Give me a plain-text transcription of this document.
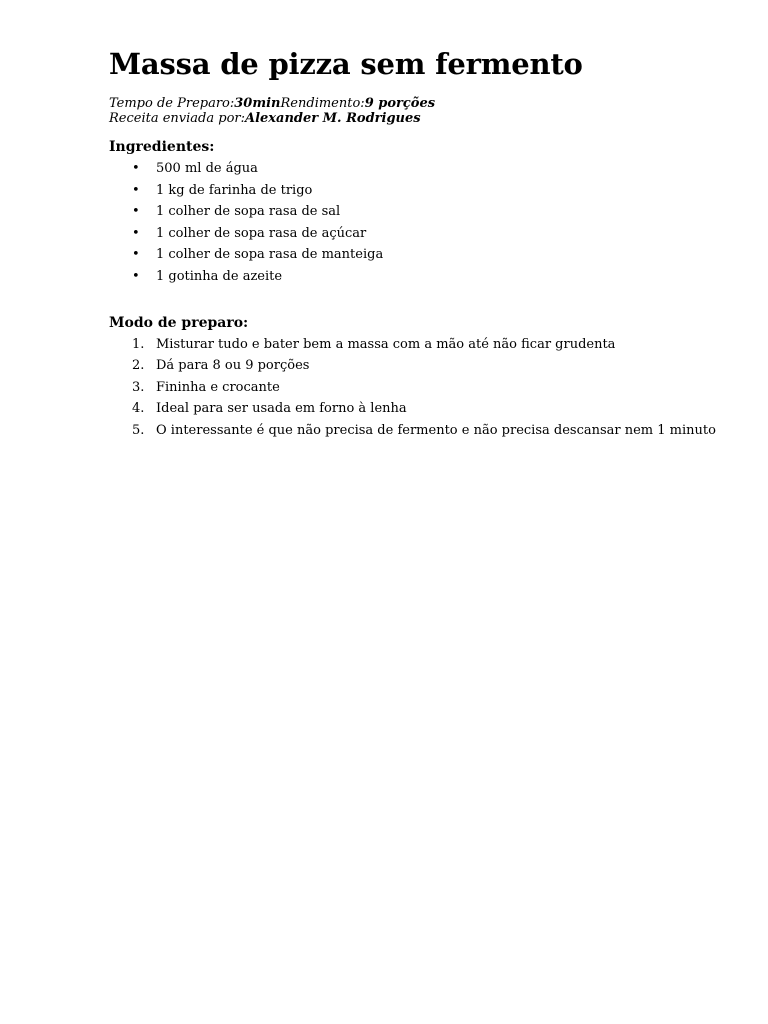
Massa de pizza sem fermento
Tempo de Preparo:30minRendimento:9 porções
Receita enviada por:Alexander M. Rodrigues
Ingredientes:
• 500 ml de água
• 1 kg de farinha de trigo
• 1 colher de sopa rasa de sal
• 1 colher de sopa rasa de açúcar
• 1 colher de sopa rasa de manteiga
• 1 gotinha de azeite
Modo de preparo:
1. Misturar tudo e bater bem a massa com a mão até não ficar grudenta
2. Dá para 8 ou 9 porções
3. Fininha e crocante
4. Ideal para ser usada em forno à lenha
5. O interessante é que não precisa de fermento e não precisa descansar nem 1 minuto
